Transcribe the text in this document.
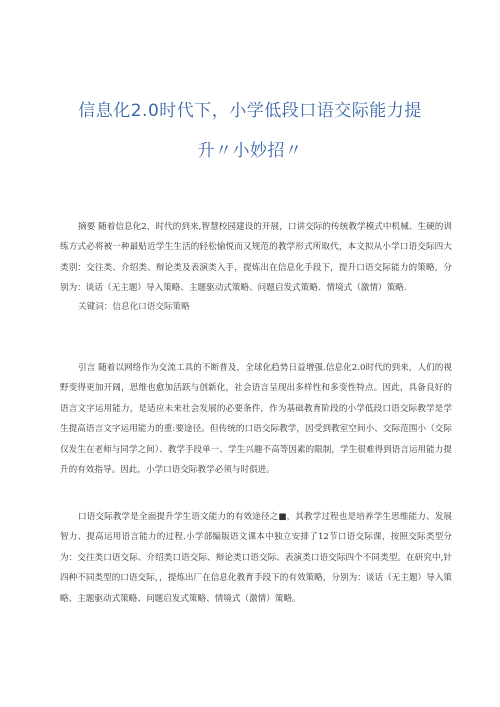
信息化2.0时代下，小学低段口语交际能力提
升〃小妙招〃

摘要 随着信息化2，时代的到来,智慧校园建设的开展，口讲交际的传统教学模式中机械、生硬的训练方式必将被一种最贴近学生生活的轻松愉悦而又规范的教学形式所取代，本文拟从小学口语交际四大类别：交往类、介绍类、辩论类及表演类入手，提炼出在信息化手段下，提升口语交际能力的策略，分别为：谈话（无主题）导入策略、主题驱动式策略、问题启发式策略、情境式（激情）策略.

关键词：信息化口语交际策略

引言 随着以网络作为交流工具的不断普及，全球化趋势日益增强.信息化2.0时代的到来，人们的视野变得更加开阔，思维也愈加活跃与创新化，社会语言呈现出多样性和多变性特点。因此，具备良好的语言文字运用能力，是适应未来社会发展的必要条件，作为基础教育阶段的小学低段口语交际教学是学生提高语言文字运用能力的重:要途径。但传统的口语交际教学，因受到教室空间小、交际范围小（交际仅发生在老师与同学之间）、教学手段单一、学生兴趣不高等因素的限制，学生很难得到语言运用能力提升的有效指导。因此，小学口语交际教学必须与时俱进。

口语交际教学是全面提升学生语文能力的有效途径之■，其教学过程也是培养学生思维能力、发展智力、提高运用语言能力的过程.小学部编版语文课本中独立安排了12节口语交际课，按照交际类型分为：交往类口语交际、介绍类口语交际、辩论类口语交际、表演类口语交际四个不同类型。在研究中,针四种不同类型的口语交际，，提炼出厂在信息化教育手段下的有效策略，分别为：谈话（无主题）导入策略、主题驱动式策略、问题启发式策略、情境式（激情）策略。
